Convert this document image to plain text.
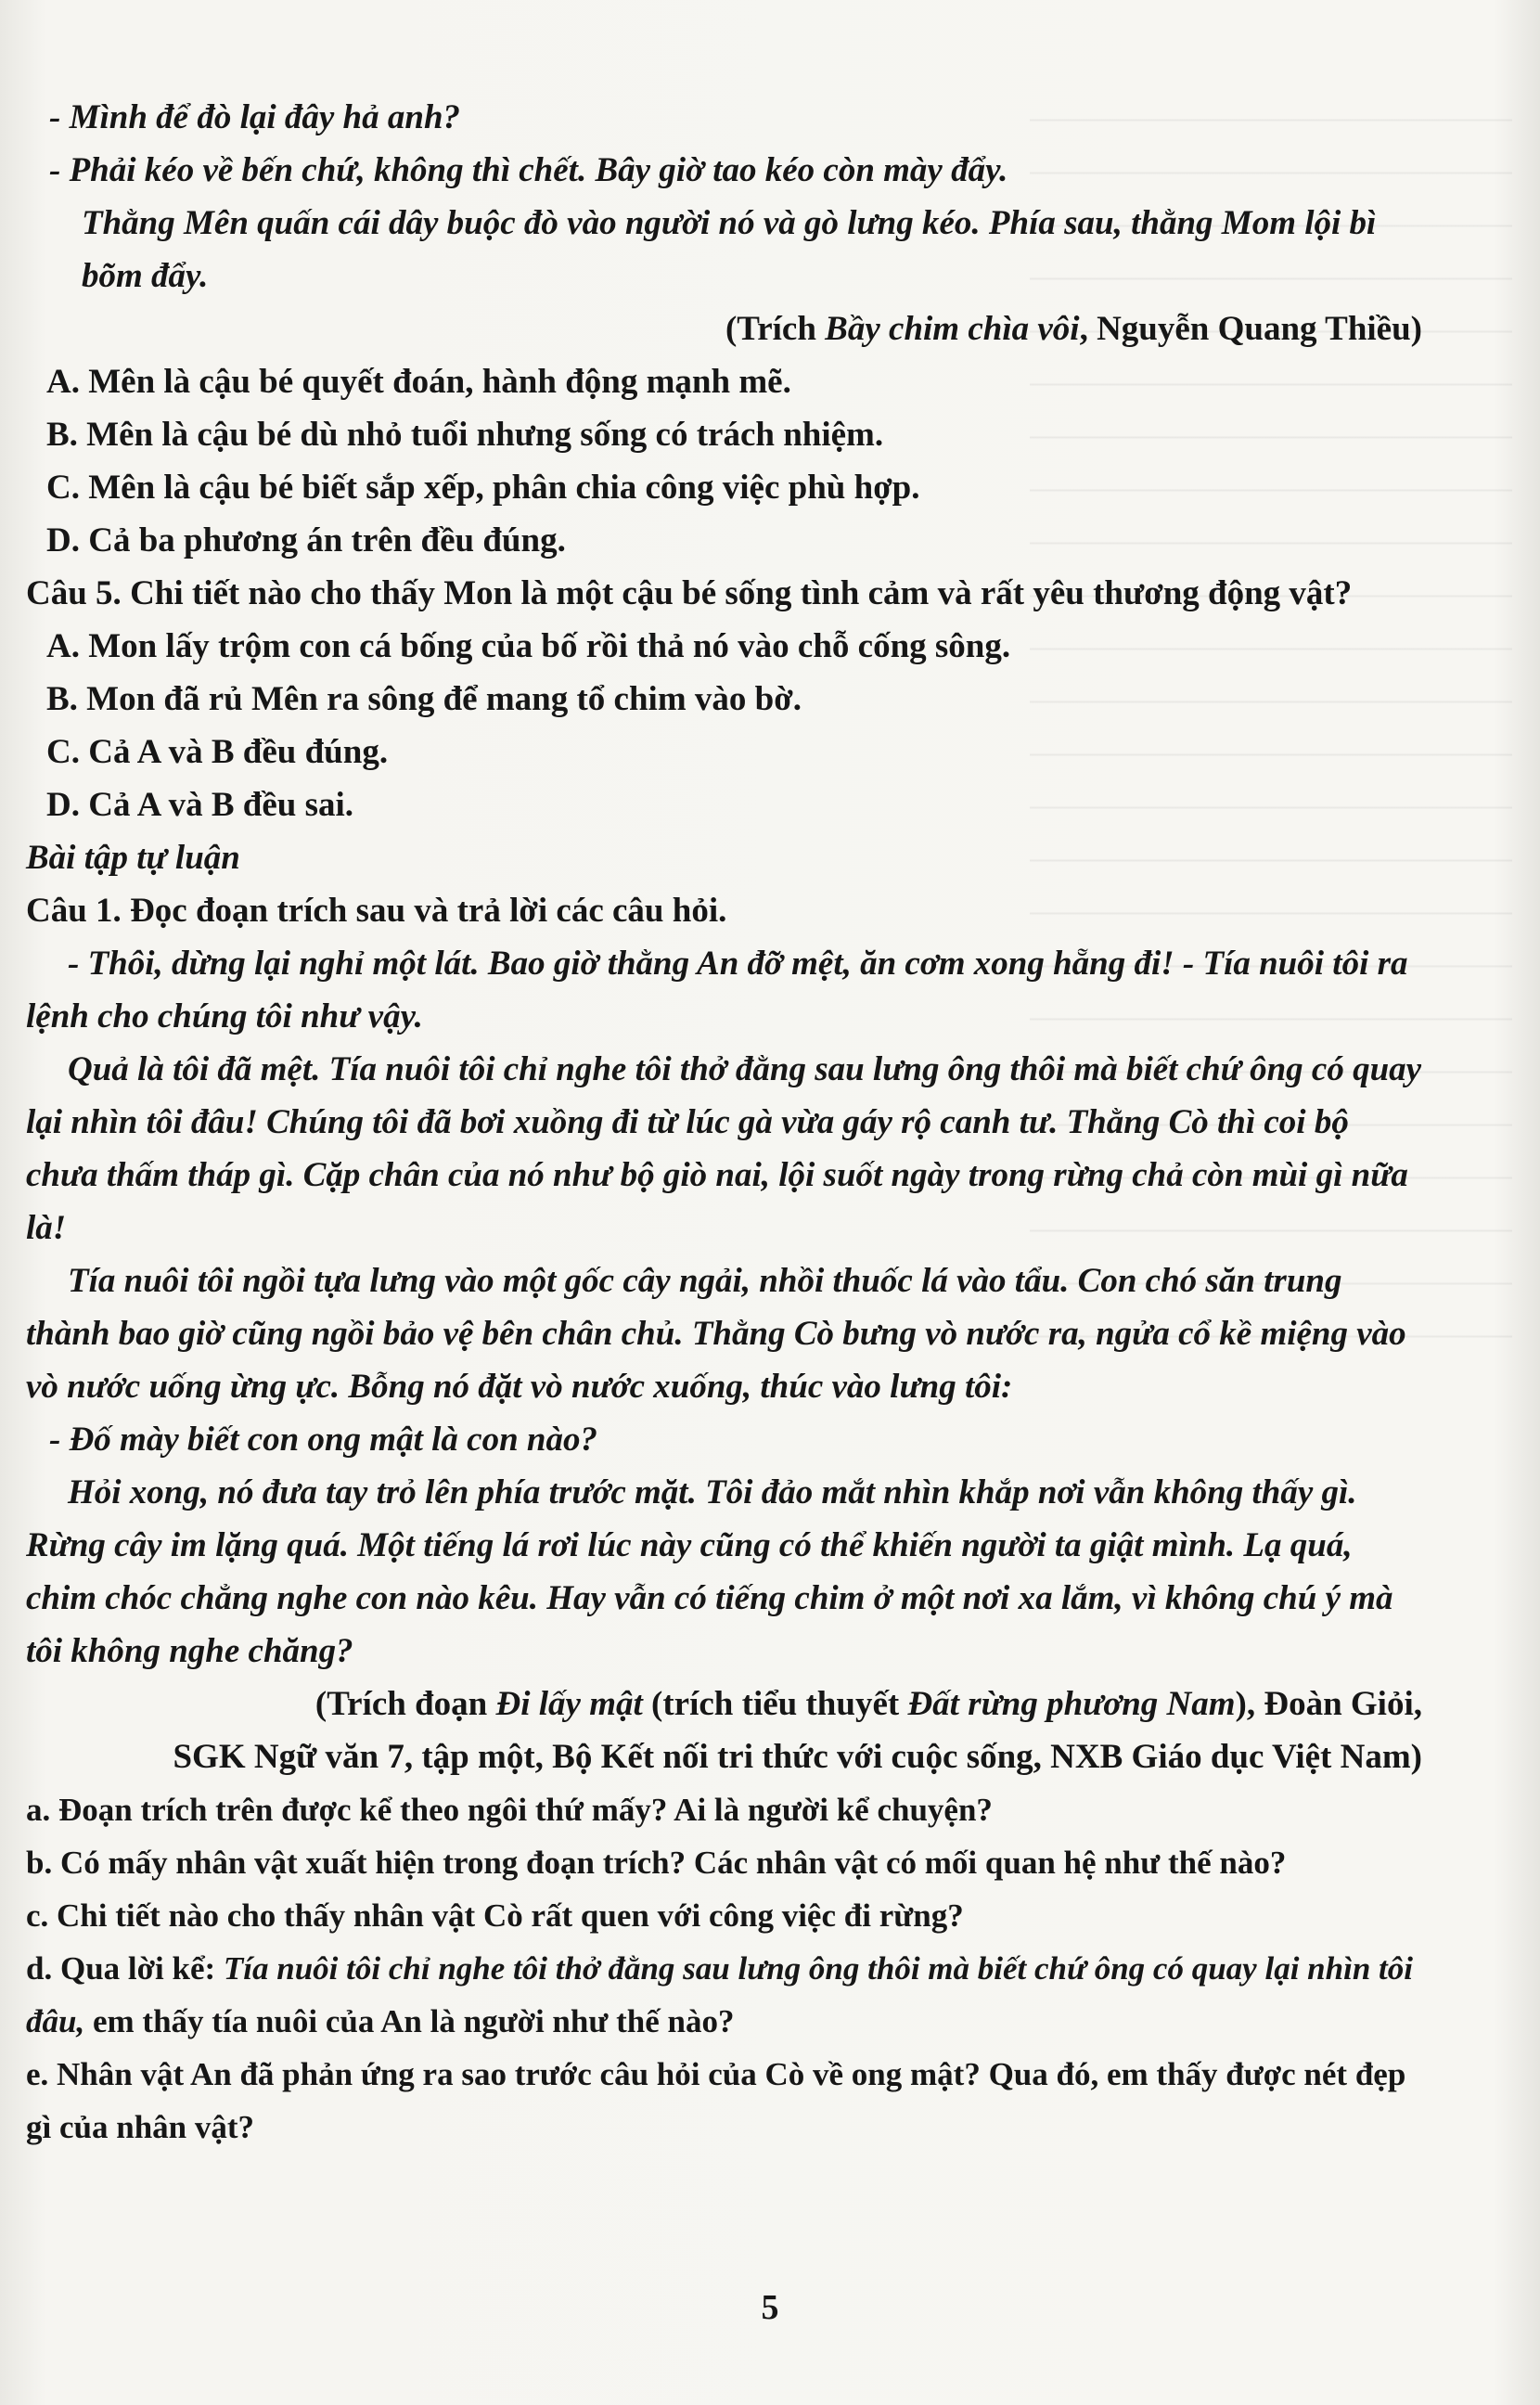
- Mình để đò lại đây hả anh?

- Phải kéo về bến chứ, không thì chết. Bây giờ tao kéo còn mày đẩy.

Thằng Mên quấn cái dây buộc đò vào người nó và gò lưng kéo. Phía sau, thằng Mom lội bì bõm đẩy.

(Trích Bầy chim chìa vôi, Nguyễn Quang Thiều)

A. Mên là cậu bé quyết đoán, hành động mạnh mẽ.

B. Mên là cậu bé dù nhỏ tuổi nhưng sống có trách nhiệm.

C. Mên là cậu bé biết sắp xếp, phân chia công việc phù hợp.

D. Cả ba phương án trên đều đúng.

Câu 5. Chi tiết nào cho thấy Mon là một cậu bé sống tình cảm và rất yêu thương động vật?

A. Mon lấy trộm con cá bống của bố rồi thả nó vào chỗ cống sông.

B. Mon đã rủ Mên ra sông để mang tổ chim vào bờ.

C. Cả A và B đều đúng.

D. Cả A và B đều sai.

Bài tập tự luận

Câu 1. Đọc đoạn trích sau và trả lời các câu hỏi.

- Thôi, dừng lại nghỉ một lát. Bao giờ thằng An đỡ mệt, ăn cơm xong hẵng đi! - Tía nuôi tôi ra lệnh cho chúng tôi như vậy.

Quả là tôi đã mệt. Tía nuôi tôi chỉ nghe tôi thở đằng sau lưng ông thôi mà biết chứ ông có quay lại nhìn tôi đâu! Chúng tôi đã bơi xuồng đi từ lúc gà vừa gáy rộ canh tư. Thằng Cò thì coi bộ chưa thấm tháp gì. Cặp chân của nó như bộ giò nai, lội suốt ngày trong rừng chả còn mùi gì nữa là!

Tía nuôi tôi ngồi tựa lưng vào một gốc cây ngải, nhồi thuốc lá vào tẩu. Con chó săn trung thành bao giờ cũng ngồi bảo vệ bên chân chủ. Thằng Cò bưng vò nước ra, ngửa cổ kề miệng vào vò nước uống ừng ực. Bỗng nó đặt vò nước xuống, thúc vào lưng tôi:

- Đố mày biết con ong mật là con nào?

Hỏi xong, nó đưa tay trỏ lên phía trước mặt. Tôi đảo mắt nhìn khắp nơi vẫn không thấy gì. Rừng cây im lặng quá. Một tiếng lá rơi lúc này cũng có thể khiến người ta giật mình. Lạ quá, chim chóc chẳng nghe con nào kêu. Hay vẫn có tiếng chim ở một nơi xa lắm, vì không chú ý mà tôi không nghe chăng?

(Trích đoạn Đi lấy mật (trích tiểu thuyết Đất rừng phương Nam), Đoàn Giỏi,

SGK Ngữ văn 7, tập một, Bộ Kết nối tri thức với cuộc sống, NXB Giáo dục Việt Nam)

a. Đoạn trích trên được kể theo ngôi thứ mấy? Ai là người kể chuyện?

b. Có mấy nhân vật xuất hiện trong đoạn trích? Các nhân vật có mối quan hệ như thế nào?

c. Chi tiết nào cho thấy nhân vật Cò rất quen với công việc đi rừng?

d. Qua lời kể: Tía nuôi tôi chỉ nghe tôi thở đằng sau lưng ông thôi mà biết chứ ông có quay lại nhìn tôi đâu, em thấy tía nuôi của An là người như thế nào?

e. Nhân vật An đã phản ứng ra sao trước câu hỏi của Cò về ong mật? Qua đó, em thấy được nét đẹp gì của nhân vật?

5
